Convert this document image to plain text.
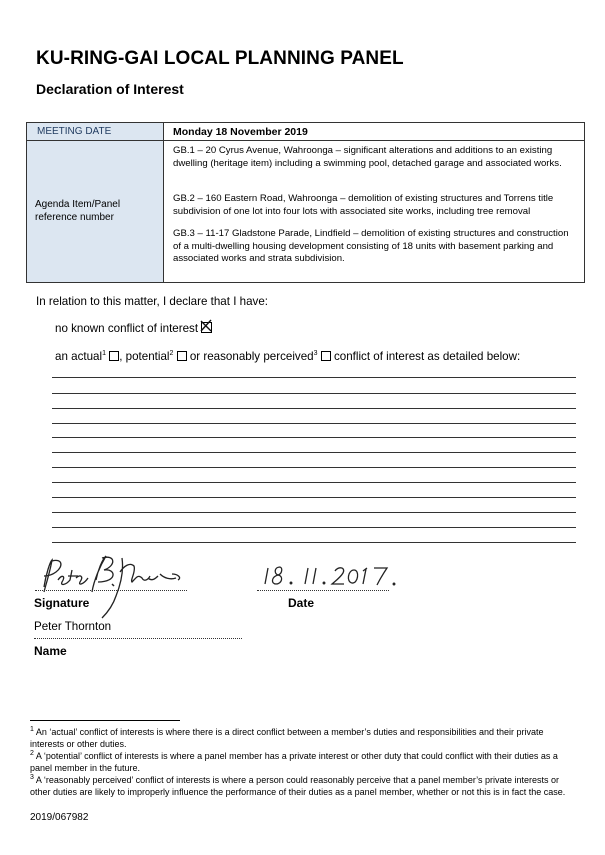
KU-RING-GAI LOCAL PLANNING PANEL
Declaration of Interest
MEETING DATE	Monday 18 November 2019
Agenda Item/Panel reference number
GB.1 – 20 Cyrus Avenue, Wahroonga – significant alterations and additions to an existing dwelling (heritage item) including a swimming pool, detached garage and associated works.
GB.2 – 160 Eastern Road, Wahroonga – demolition of existing structures and Torrens title subdivision of one lot into four lots with associated site works, including tree removal
GB.3 – 11-17 Gladstone Parade, Lindfield – demolition of existing structures and construction of a multi-dwelling housing development consisting of 18 units with basement parking and associated works and strata subdivision.
In relation to this matter, I declare that I have:
no known conflict of interest
an actual$^1$ , potential$^2$  or reasonably perceived$^3$  conflict of interest as detailed below:
Signature	Date
Peter Thornton
Name
$^1$ An ‘actual’ conflict of interests is where there is a direct conflict between a member’s duties and responsibilities and their private interests or other duties.
$^2$ A ‘potential’ conflict of interests is where a panel member has a private interest or other duty that could conflict with their duties as a panel member in the future.
$^3$ A ‘reasonably perceived’ conflict of interests is where a person could reasonably perceive that a panel member’s private interests or other duties are likely to improperly influence the performance of their duties as a panel member, whether or not this is in fact the case.
2019/067982
